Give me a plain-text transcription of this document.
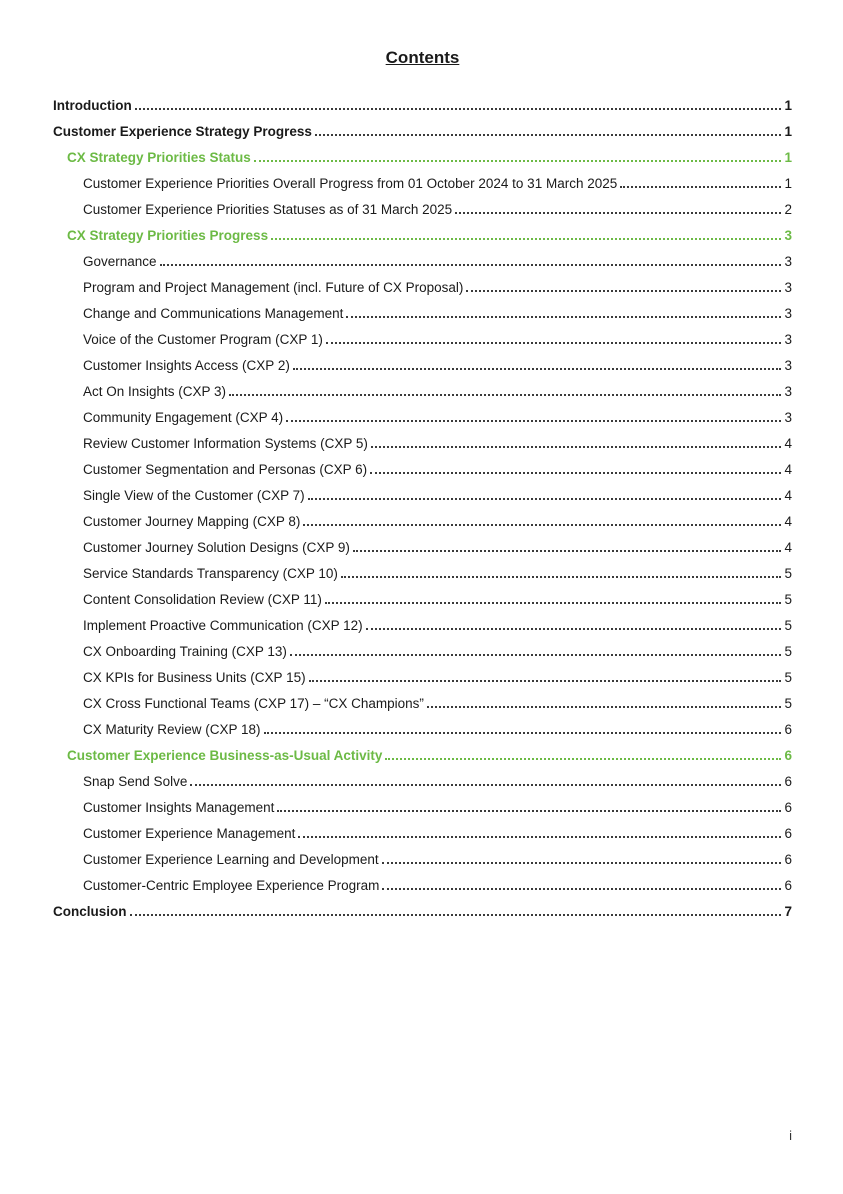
Contents
Introduction	1
Customer Experience Strategy Progress	1
CX Strategy Priorities Status	1
Customer Experience Priorities Overall Progress from 01 October 2024 to 31 March 2025	1
Customer Experience Priorities Statuses as of 31 March 2025	2
CX Strategy Priorities Progress	3
Governance	3
Program and Project Management (incl. Future of CX Proposal)	3
Change and Communications Management	3
Voice of the Customer Program (CXP 1)	3
Customer Insights Access (CXP 2)	3
Act On Insights (CXP 3)	3
Community Engagement (CXP 4)	3
Review Customer Information Systems (CXP 5)	4
Customer Segmentation and Personas (CXP 6)	4
Single View of the Customer (CXP 7)	4
Customer Journey Mapping (CXP 8)	4
Customer Journey Solution Designs (CXP 9)	4
Service Standards Transparency (CXP 10)	5
Content Consolidation Review (CXP 11)	5
Implement Proactive Communication (CXP 12)	5
CX Onboarding Training (CXP 13)	5
CX KPIs for Business Units (CXP 15)	5
CX Cross Functional Teams (CXP 17) – “CX Champions”	5
CX Maturity Review (CXP 18)	6
Customer Experience Business-as-Usual Activity	6
Snap Send Solve	6
Customer Insights Management	6
Customer Experience Management	6
Customer Experience Learning and Development	6
Customer-Centric Employee Experience Program	6
Conclusion	7
i
